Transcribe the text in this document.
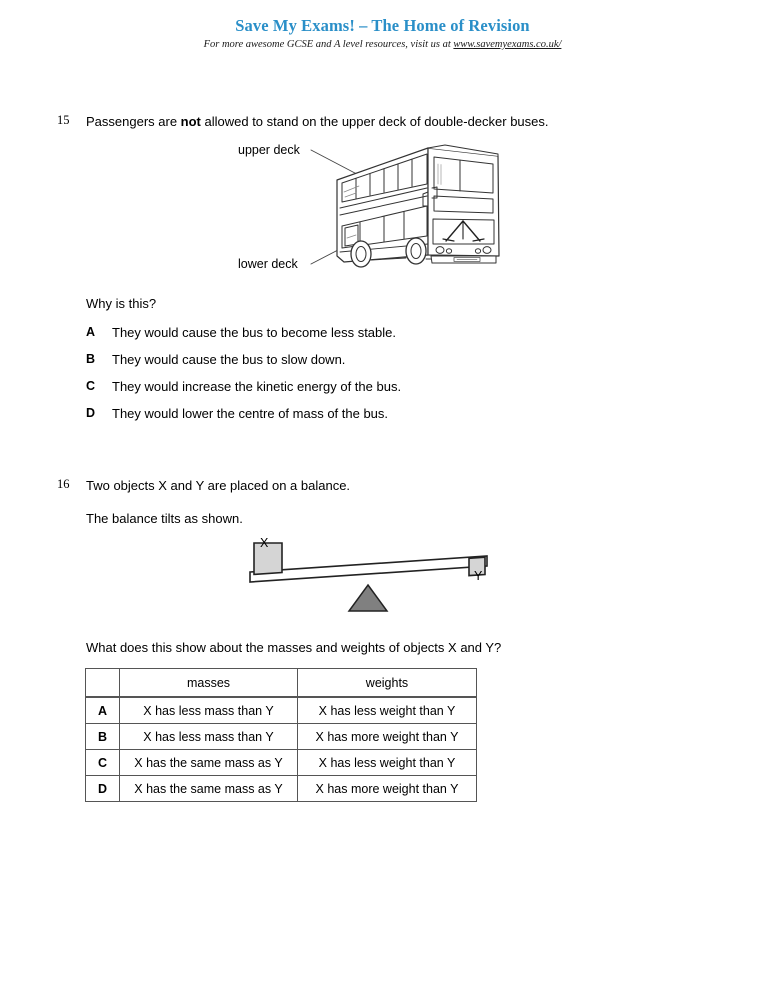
Save My Exams! – The Home of Revision
For more awesome GCSE and A level resources, visit us at www.savemyexams.co.uk/
15 Passengers are not allowed to stand on the upper deck of double-decker buses.
upper deck
lower deck
Why is this?
A They would cause the bus to become less stable.
B They would cause the bus to slow down.
C They would increase the kinetic energy of the bus.
D They would lower the centre of mass of the bus.
16 Two objects X and Y are placed on a balance.
The balance tilts as shown.
X
Y
What does this show about the masses and weights of objects X and Y?
	masses	weights
A	X has less mass than Y	X has less weight than Y
B	X has less mass than Y	X has more weight than Y
C	X has the same mass as Y	X has less weight than Y
D	X has the same mass as Y	X has more weight than Y
